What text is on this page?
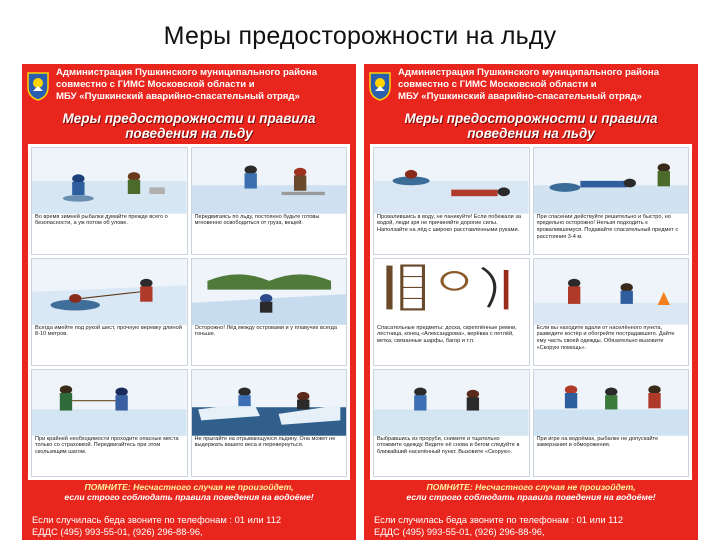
Меры предосторожности на льду
Администрация Пушкинского муниципального района
совместно с ГИМС Московской области и
МБУ «Пушкинский аварийно-спасательный отряд»
Меры предосторожности и правила
поведения на льду
Во время зимней рыбалки думайте прежде всего о безопасности, а уж потом об улове.
Передвигаясь по льду, постоянно будьте готовы мгновенно освободиться от груза, вещей.
Всегда имейте под рукой шест, прочную веревку длиной 8-10 метров.
Осторожно! Лёд между островами и у плавучих всегда тоньше.
При крайней необходимости проходите опасные места только со страховкой. Передвигайтесь при этом скользящим шагом.
Не прыгайте на отрывающуюся льдину. Она может не выдержать вашего веса и перевернуться.
ПОМНИТЕ: Несчастного случая не произойдет,
если строго соблюдать правила поведения на водоёме!
Если случилась беда звоните по телефонам : 01 или 112
ЕДДС (495) 993-55-01, (926) 296-88-96,
Администрация Пушкинского муниципального района
совместно с ГИМС Московской области и
МБУ «Пушкинский аварийно-спасательный отряд»
Меры предосторожности и правила
поведения на льду
Провалившись в воду, не паникуйте! Если побежали за водой, люди зря не причиняйте дорогие силы. Наползайте на лёд с широко расставленными руками.
При спасении действуйте решительно и быстро, но предельно осторожно! Нельзя подходить к провалившемуся. Подавайте спасательный предмет с расстояния 3-4 м.
Спасательные предметы: доска, скреплённые ремни, лестница, конец «Александрова», верёвка с петлёй, ветка, связанные шарфы, багор и т.п.
Если вы находите вдали от населённого пункта, разведите костёр и обогрейте пострадавшего. Дайте ему часть своей одежды. Обязательно вызовите «Скорую помощь».
Выбравшись из проруби, снимите и тщательно отожмите одежду. Ведите её снова и бегом следуйте в ближайший населённый пункт. Вызовите «Скорую».
При игре на водоёмах, рыбалке не допускайте замерзания и обморожения.
ПОМНИТЕ: Несчастного случая не произойдет,
если строго соблюдать правила поведения на водоёме!
Если случилась беда звоните по телефонам : 01 или 112
ЕДДС (495) 993-55-01, (926) 296-88-96,
